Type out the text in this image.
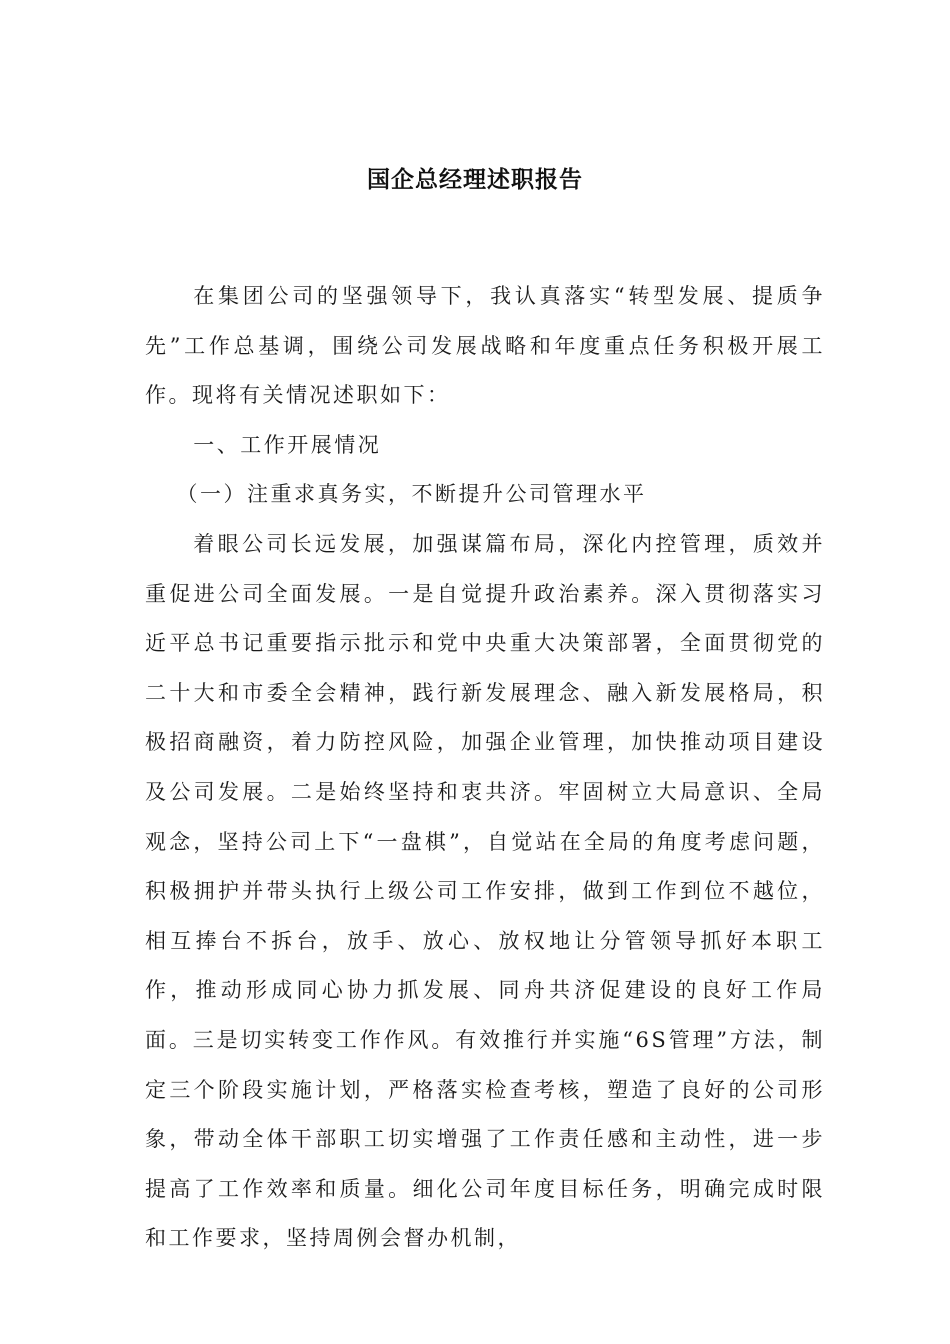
国企总经理述职报告

在集团公司的坚强领导下，我认真落实“转型发展、提质争先”工作总基调，围绕公司发展战略和年度重点任务积极开展工作。现将有关情况述职如下：

一、工作开展情况

（一）注重求真务实，不断提升公司管理水平

着眼公司长远发展，加强谋篇布局，深化内控管理，质效并重促进公司全面发展。一是自觉提升政治素养。深入贯彻落实习近平总书记重要指示批示和党中央重大决策部署，全面贯彻党的二十大和市委全会精神，践行新发展理念、融入新发展格局，积极招商融资，着力防控风险，加强企业管理，加快推动项目建设及公司发展。二是始终坚持和衷共济。牢固树立大局意识、全局观念，坚持公司上下“一盘棋”，自觉站在全局的角度考虑问题，积极拥护并带头执行上级公司工作安排，做到工作到位不越位，相互捧台不拆台，放手、放心、放权地让分管领导抓好本职工作，推动形成同心协力抓发展、同舟共济促建设的良好工作局面。三是切实转变工作作风。有效推行并实施“6S管理”方法，制定三个阶段实施计划，严格落实检查考核，塑造了良好的公司形象，带动全体干部职工切实增强了工作责任感和主动性，进一步提高了工作效率和质量。细化公司年度目标任务，明确完成时限和工作要求，坚持周例会督办机制，
